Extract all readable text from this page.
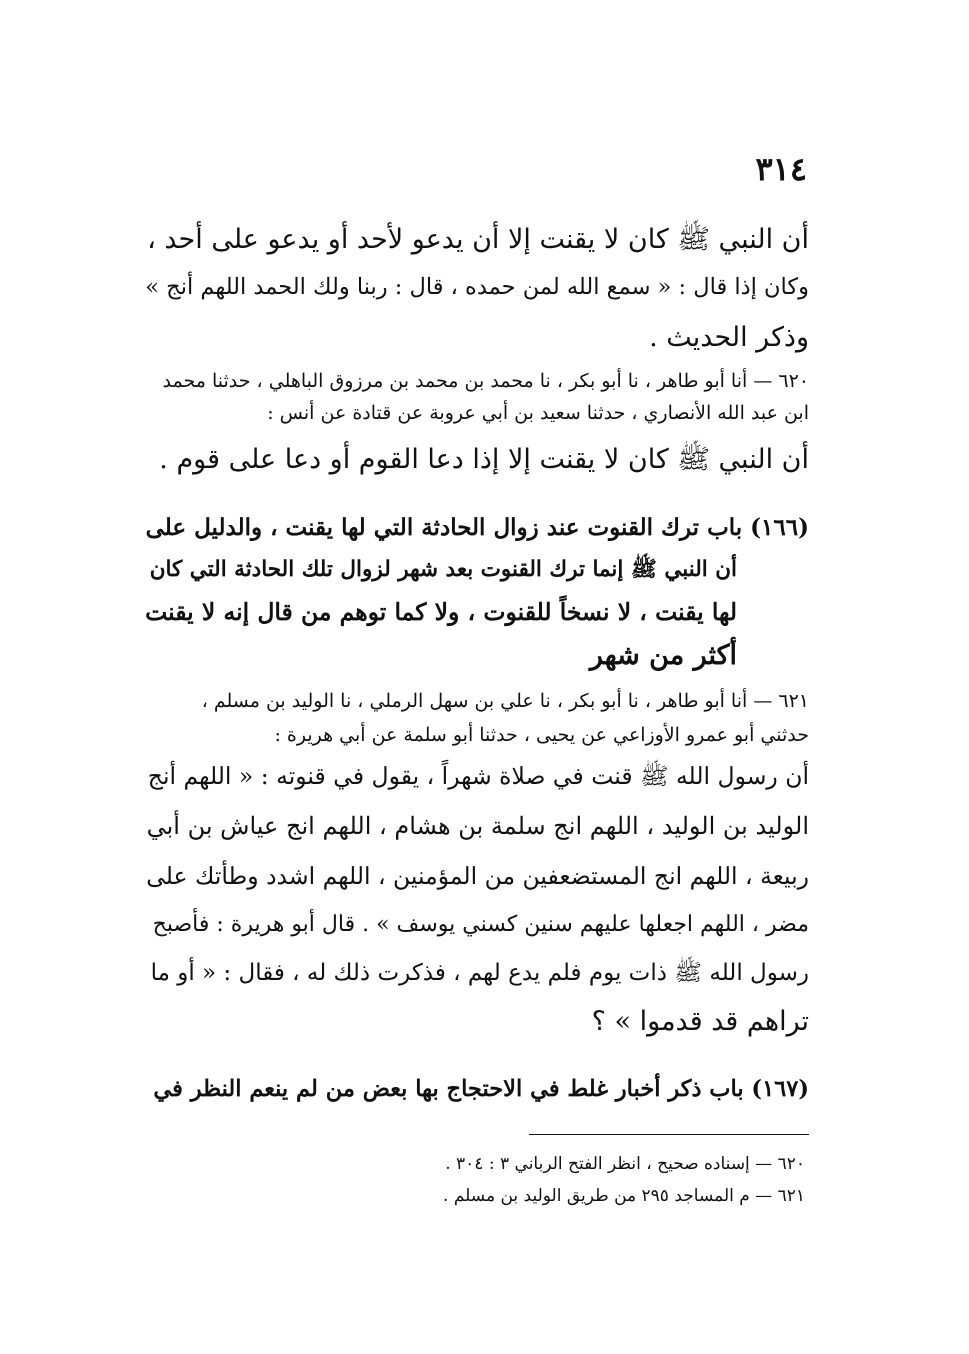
٣١٤
أن النبي ﷺ كان لا يقنت إلا أن يدعو لأحد أو يدعو على أحد ،
وكان إذا قال : « سمع الله لمن حمده ، قال : ربنا ولك الحمد اللهم أنج »
وذكر الحديث .
٦٢٠ — أنا أبو طاهر ، نا أبو بكر ، نا محمد بن محمد بن مرزوق الباهلي ، حدثنا محمد
ابن عبد الله الأنصاري ، حدثنا سعيد بن أبي عروبة عن قتادة عن أنس :
أن النبي ﷺ كان لا يقنت إلا إذا دعا القوم أو دعا على قوم .
(١٦٦) باب ترك القنوت عند زوال الحادثة التي لها يقنت ، والدليل على
أن النبي ﷺ إنما ترك القنوت بعد شهر لزوال تلك الحادثة التي كان
لها يقنت ، لا نسخاً للقنوت ، ولا كما توهم من قال إنه لا يقنت
أكثر من شهر
٦٢١ — أنا أبو طاهر ، نا أبو بكر ، نا علي بن سهل الرملي ، نا الوليد بن مسلم ،
حدثني أبو عمرو الأوزاعي عن يحيى ، حدثنا أبو سلمة عن أبي هريرة :
أن رسول الله ﷺ قنت في صلاة شهراً ، يقول في قنوته : « اللهم أنج
الوليد بن الوليد ، اللهم انج سلمة بن هشام ، اللهم انج عياش بن أبي
ربيعة ، اللهم انج المستضعفين من المؤمنين ، اللهم اشدد وطأتك على
مضر ، اللهم اجعلها عليهم سنين كسني يوسف » . قال أبو هريرة : فأصبح
رسول الله ﷺ ذات يوم فلم يدع لهم ، فذكرت ذلك له ، فقال : « أو ما
تراهم قد قدموا » ؟
(١٦٧) باب ذكر أخبار غلط في الاحتجاج بها بعض من لم ينعم النظر في
٦٢٠ — إسناده صحيح ، انظر الفتح الرباني ٣ : ٣٠٤ .
٦٢١ — م المساجد ٢٩٥ من طريق الوليد بن مسلم .
